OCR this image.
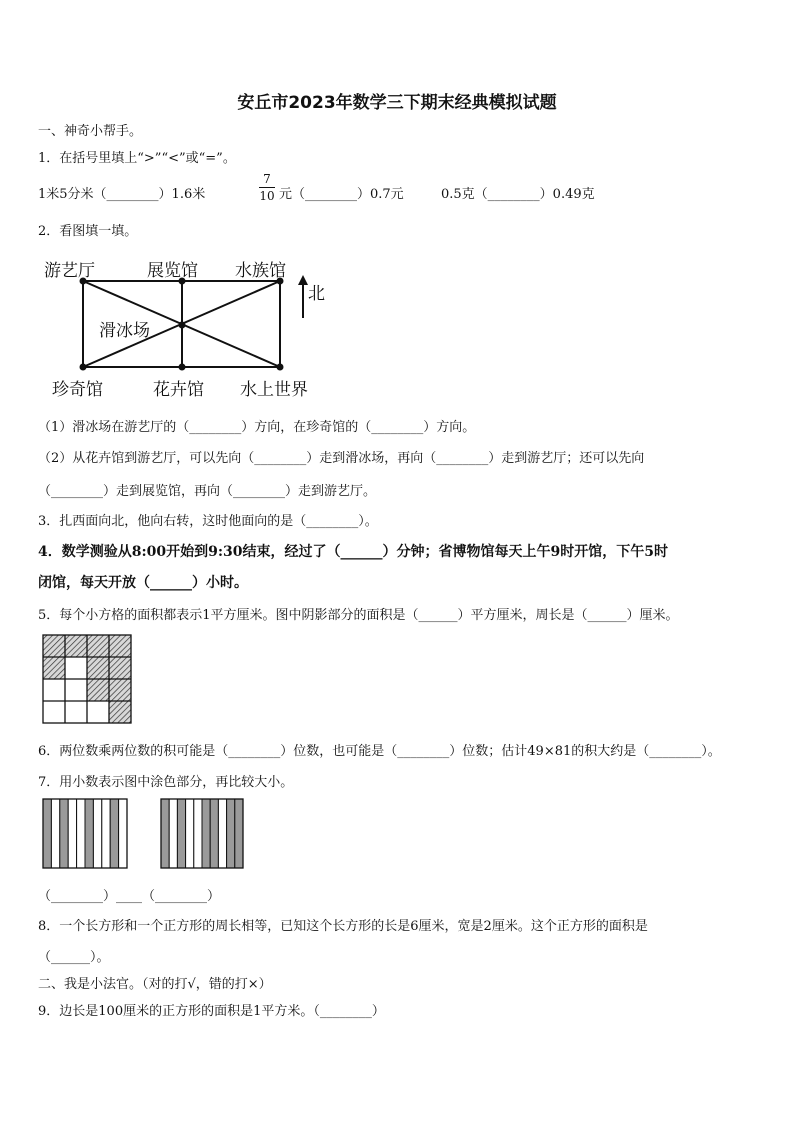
安丘市2023年数学三下期末经典模拟试题
一、神奇小帮手。
1．在括号里填上“>”“<”或“=”。
1米5分米（________）1.6米
7
10 元（________）0.7元	0.5克（________）0.49克
2．看图填一填。
游艺厅	展览馆 水族馆
滑冰场
珍奇馆	花卉馆 水上世界
北
（1）滑冰场在游艺厅的（________）方向，在珍奇馆的（________）方向。
（2）从花卉馆到游艺厅，可以先向（________）走到滑冰场，再向（________）走到游艺厅；还可以先向
（________）走到展览馆，再向（________）走到游艺厅。
3．扎西面向北，他向右转，这时他面向的是（________）。
4．数学测验从8:00开始到9:30结束，经过了（______）分钟；省博物馆每天上午9时开馆，下午5时
闭馆，每天开放（______）小时。
5．每个小方格的面积都表示1平方厘米。图中阴影部分的面积是（______）平方厘米，周长是（______）厘米。
6．两位数乘两位数的积可能是（________）位数，也可能是（________）位数；估计49×81的积大约是（________）。
7．用小数表示图中涂色部分，再比较大小。
（________）____（________）
8．一个长方形和一个正方形的周长相等，已知这个长方形的长是6厘米，宽是2厘米。这个正方形的面积是
（______）。
二、我是小法官。（对的打√，错的打×）
9．边长是100厘米的正方形的面积是1平方米。（________）
